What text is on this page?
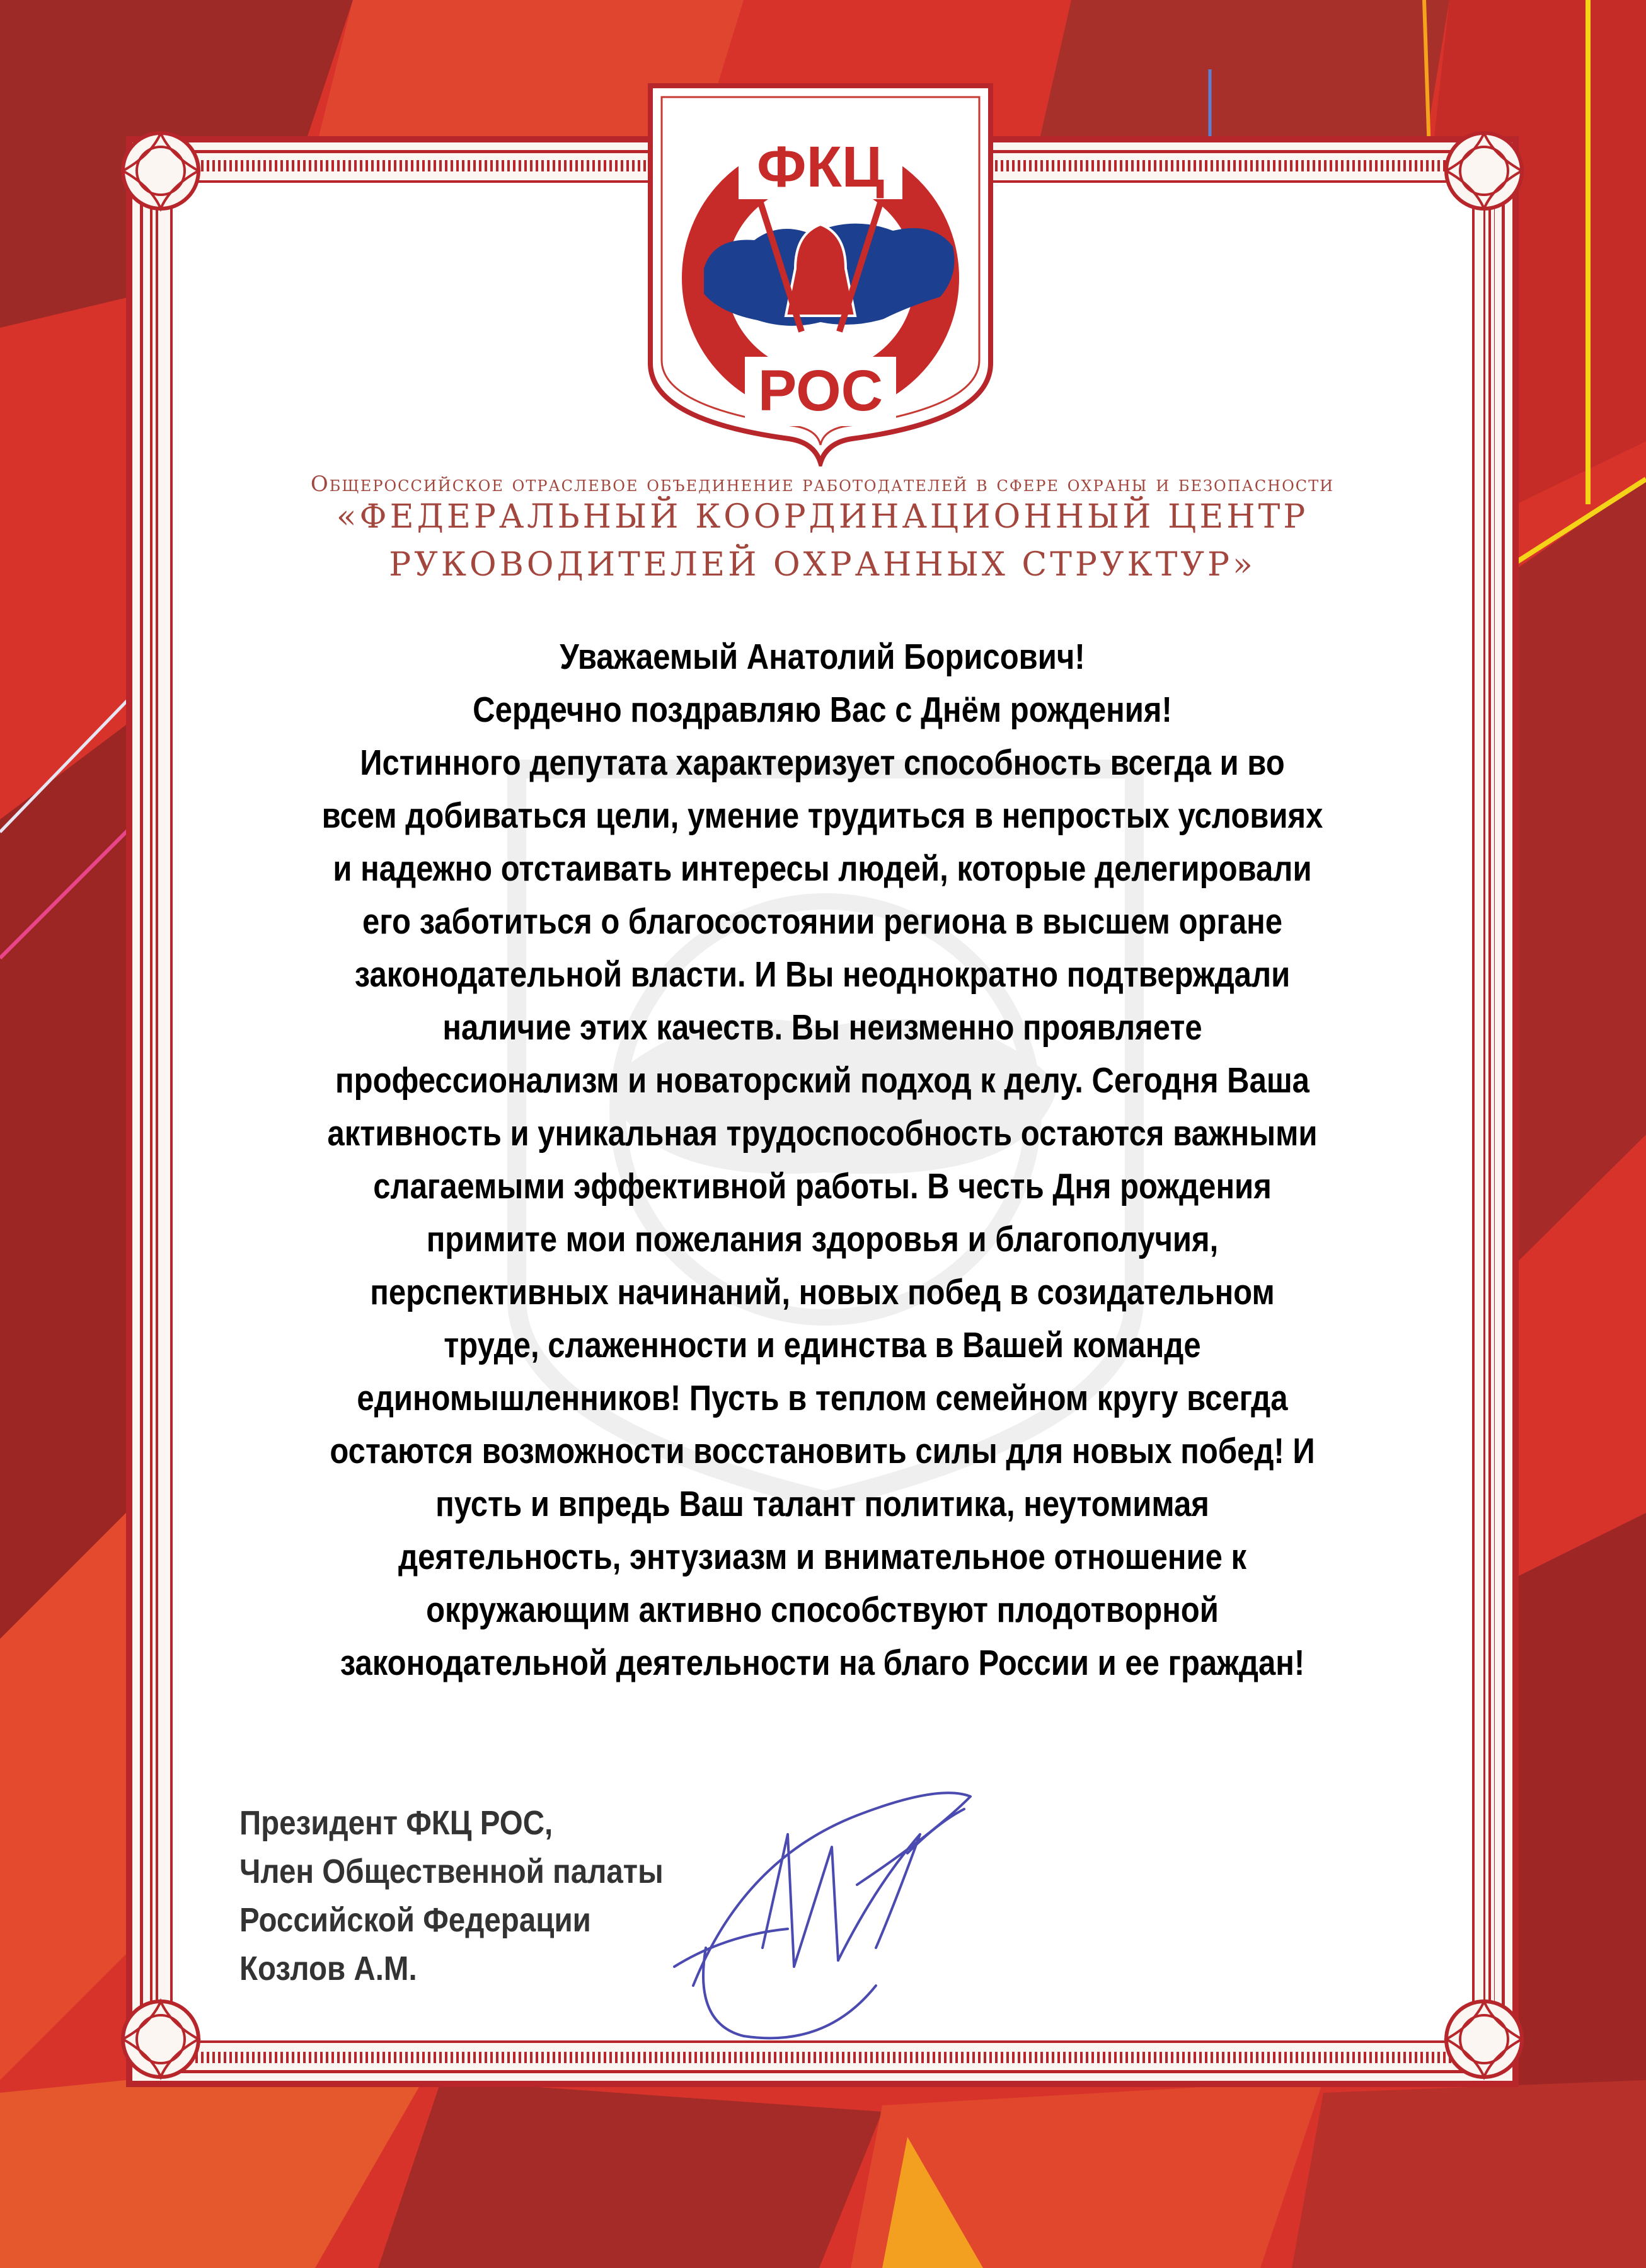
ФКЦ
РОС
Общероссийское отраслевое объединение работодателей в сфере охраны и безопасности
«ФЕДЕРАЛЬНЫЙ КООРДИНАЦИОННЫЙ ЦЕНТР
РУКОВОДИТЕЛЕЙ ОХРАННЫХ СТРУКТУР»

Уважаемый Анатолий Борисович!

Сердечно поздравляю Вас с Днём рождения!

Истинного депутата характеризует способность всегда и во

всем добиваться цели, умение трудиться в непростых условиях

и надежно отстаивать интересы людей, которые делегировали

его заботиться о благосостоянии региона в высшем органе

законодательной власти. И Вы неоднократно подтверждали

наличие этих качеств. Вы неизменно проявляете

профессионализм и новаторский подход к делу. Сегодня Ваша

активность и уникальная трудоспособность остаются важными

слагаемыми эффективной работы. В честь Дня рождения

примите мои пожелания здоровья и благополучия,

перспективных начинаний, новых побед в созидательном

труде, слаженности и единства в Вашей команде

единомышленников! Пусть в теплом семейном кругу всегда

остаются возможности восстановить силы для новых побед! И

пусть и впредь Ваш талант политика, неутомимая

деятельность, энтузиазм и внимательное отношение к

окружающим активно способствуют плодотворной

законодательной деятельности на благо России и ее граждан!

Президент ФКЦ РОС,
Член Общественной палаты
Российской Федерации
Козлов А.М.
